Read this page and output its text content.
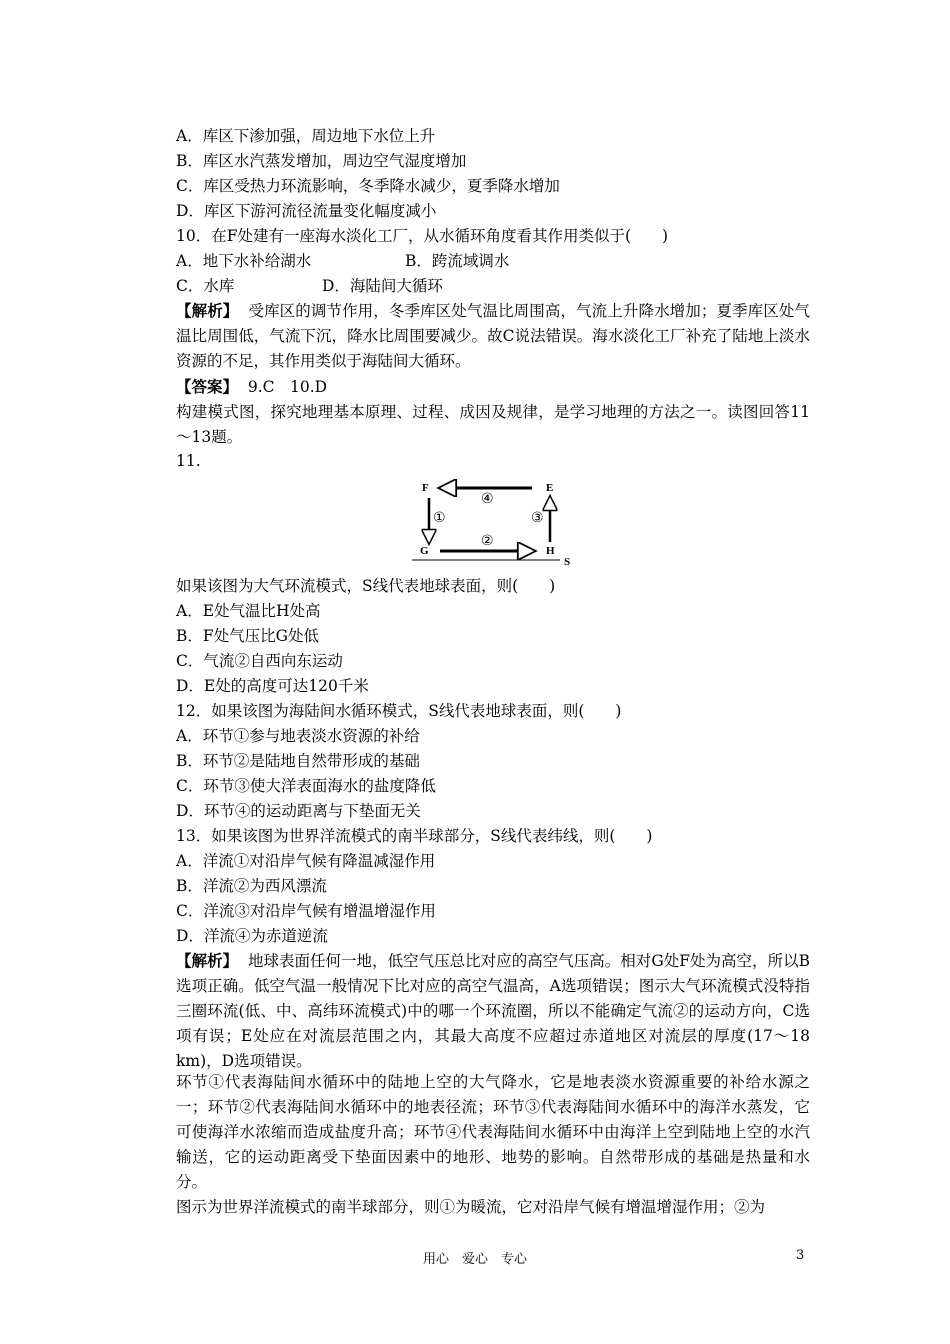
A．库区下渗加强，周边地下水位上升
B．库区水汽蒸发增加，周边空气湿度增加
C．库区受热力环流影响，冬季降水减少，夏季降水增加
D．库区下游河流径流量变化幅度减小
10．在F处建有一座海水淡化工厂，从水循环角度看其作用类似于(　　)
A．地下水补给湖水	B．跨流域调水
C．水库	D．海陆间大循环
【解析】 受库区的调节作用，冬季库区处气温比周围高，气流上升降水增加；夏季库区处气温比周围低，气流下沉，降水比周围要减少。故C说法错误。海水淡化工厂补充了陆地上淡水资源的不足，其作用类似于海陆间大循环。
【答案】 9.C　10.D
构建模式图，探究地理基本原理、过程、成因及规律，是学习地理的方法之一。读图回答11～13题。
11.
F	E
G	H
S
④
①
②
③
如果该图为大气环流模式，S线代表地球表面，则(　　)
A．E处气温比H处高
B．F处气压比G处低
C．气流②自西向东运动
D．E处的高度可达120千米
12．如果该图为海陆间水循环模式，S线代表地球表面，则(　　)
A．环节①参与地表淡水资源的补给
B．环节②是陆地自然带形成的基础
C．环节③使大洋表面海水的盐度降低
D．环节④的运动距离与下垫面无关
13．如果该图为世界洋流模式的南半球部分，S线代表纬线，则(　　)
A．洋流①对沿岸气候有降温减湿作用
B．洋流②为西风漂流
C．洋流③对沿岸气候有增温增湿作用
D．洋流④为赤道逆流
【解析】 地球表面任何一地，低空气压总比对应的高空气压高。相对G处F处为高空，所以B选项正确。低空气温一般情况下比对应的高空气温高，A选项错误；图示大气环流模式没特指三圈环流(低、中、高纬环流模式)中的哪一个环流圈，所以不能确定气流②的运动方向，C选项有误；E处应在对流层范围之内，其最大高度不应超过赤道地区对流层的厚度(17～18 km)，D选项错误。
环节①代表海陆间水循环中的陆地上空的大气降水，它是地表淡水资源重要的补给水源之一；环节②代表海陆间水循环中的地表径流；环节③代表海陆间水循环中的海洋水蒸发，它可使海洋水浓缩而造成盐度升高；环节④代表海陆间水循环中由海洋上空到陆地上空的水汽输送，它的运动距离受下垫面因素中的地形、地势的影响。自然带形成的基础是热量和水分。
图示为世界洋流模式的南半球部分，则①为暖流，它对沿岸气候有增温增湿作用；②为
用心　爱心　专心	3
